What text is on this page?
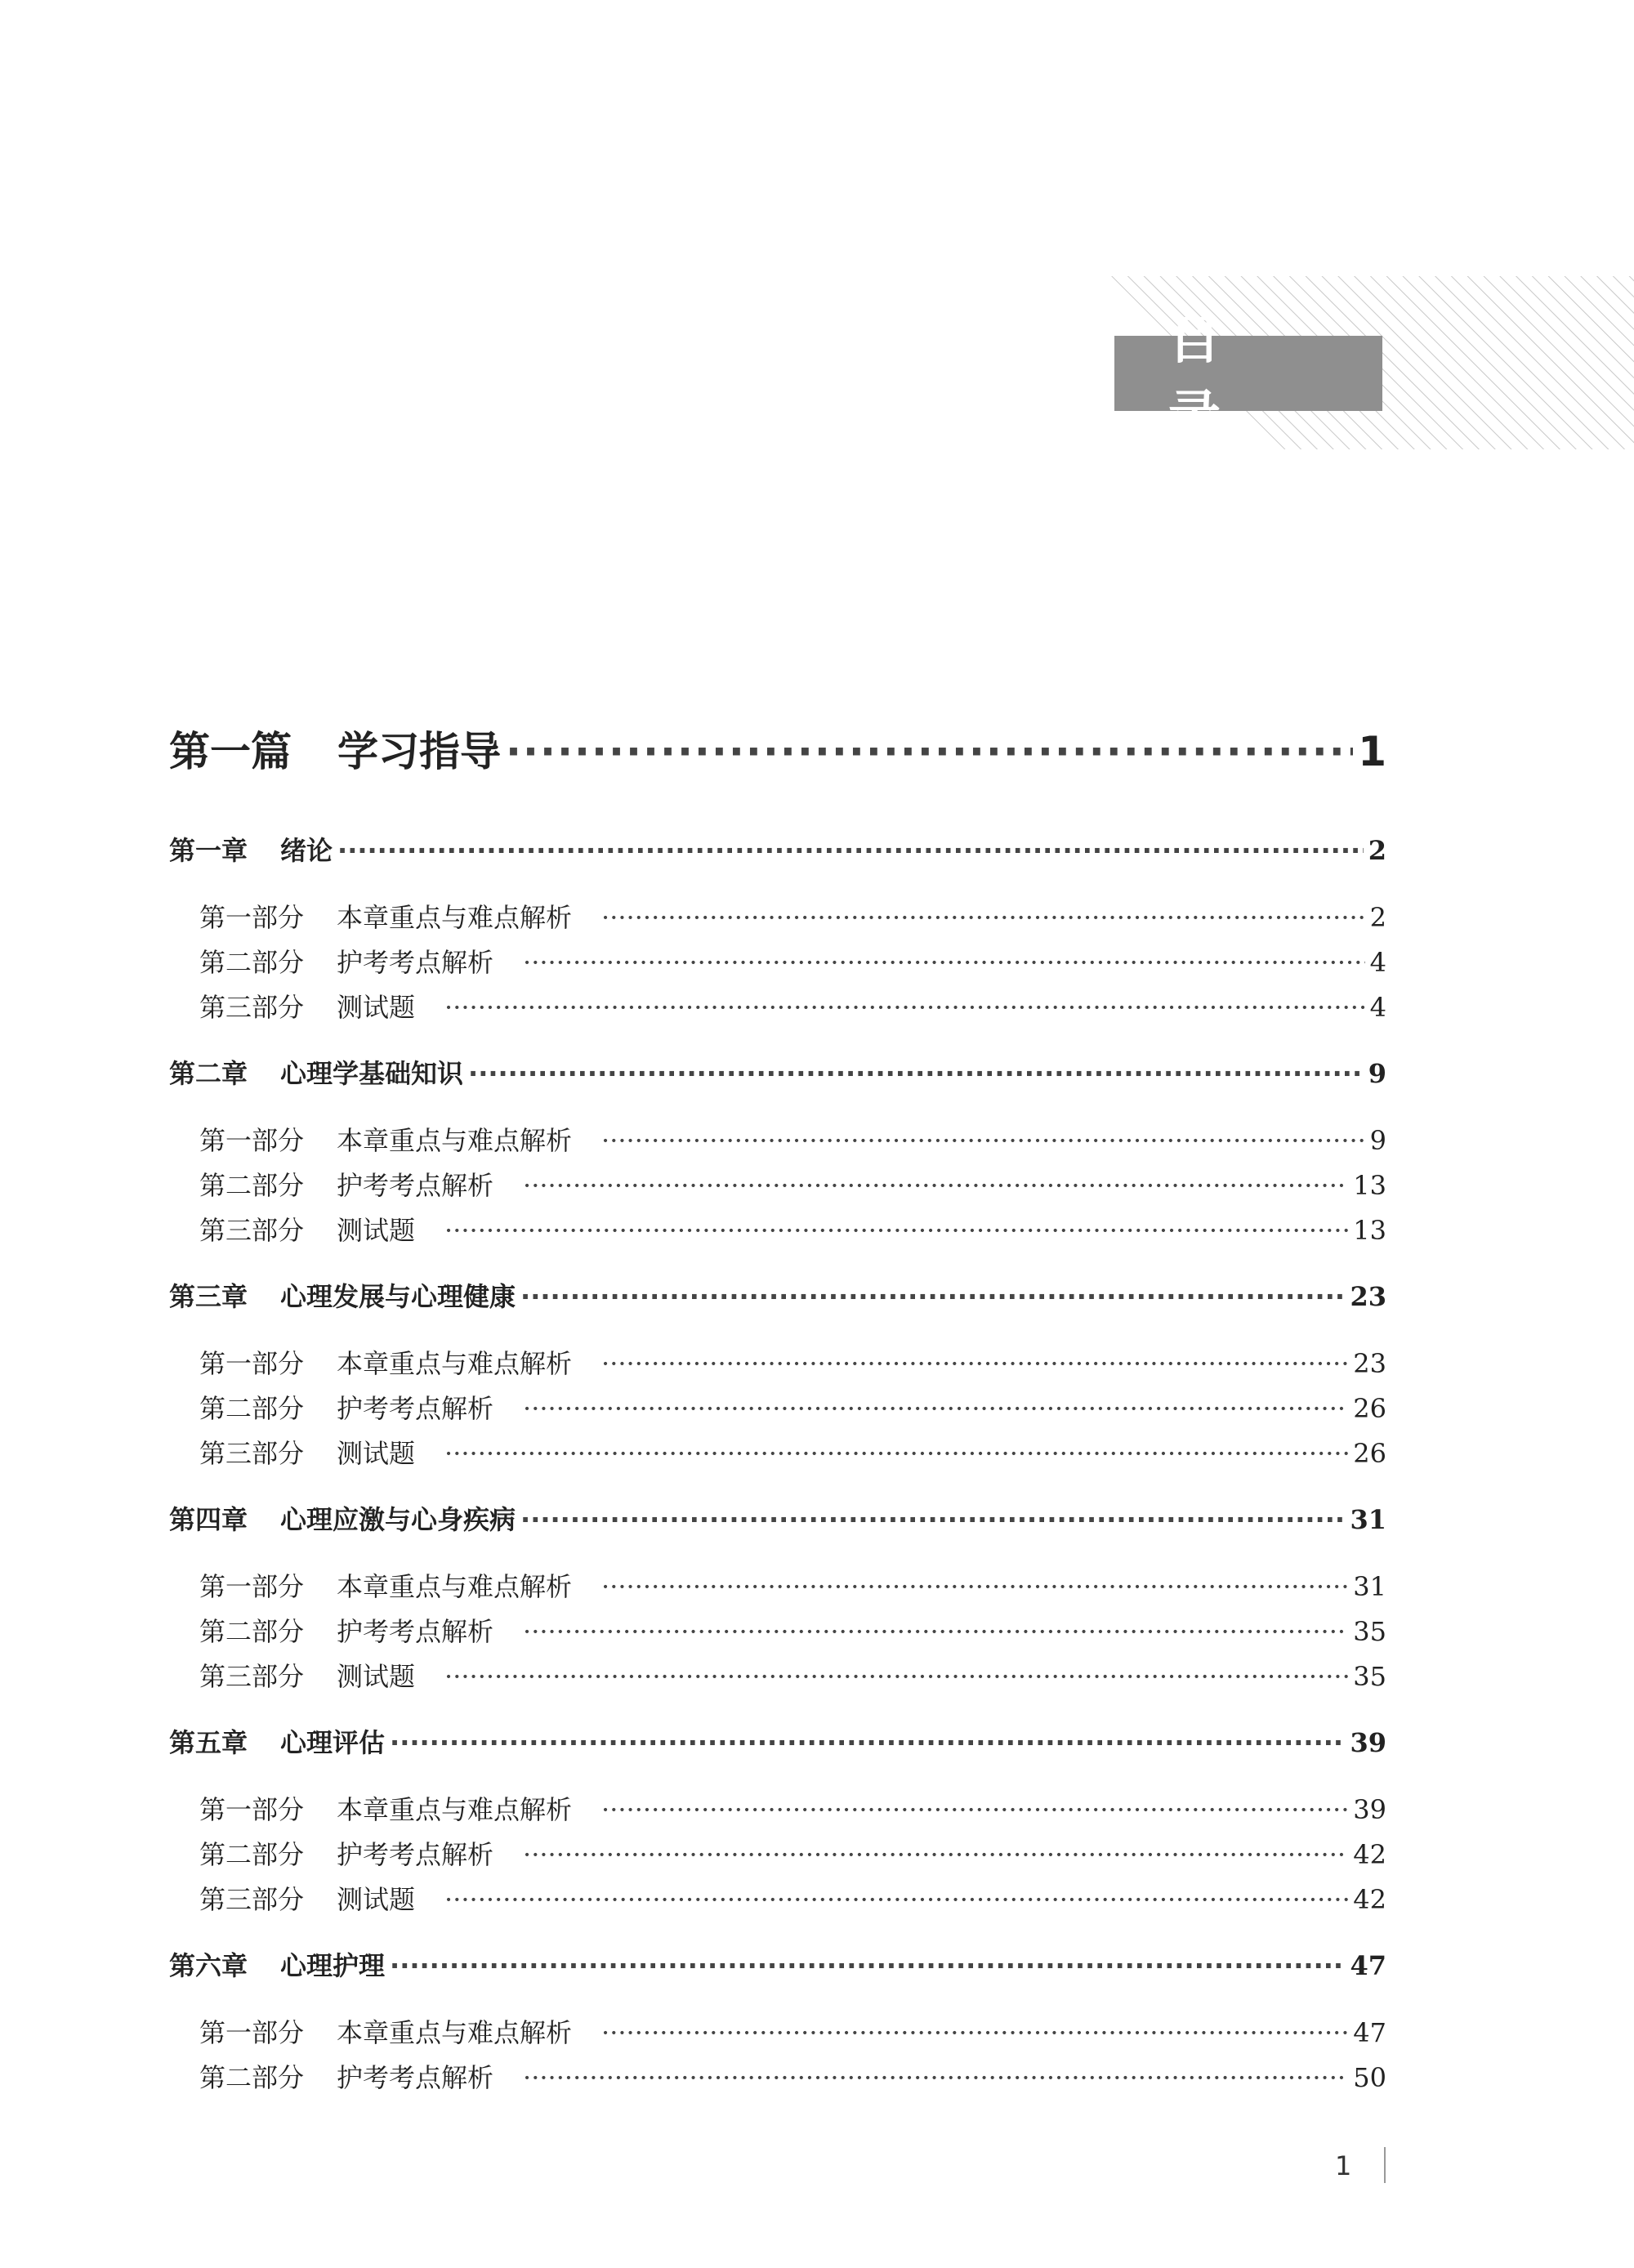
目　录
第一篇 学习指导 ·····	1
第一章 绪论 ·····	2
第一部分 本章重点与难点解析 ·····	2
第二部分 护考考点解析 ·····	4
第三部分 测试题 ·····	4
第二章 心理学基础知识 ·····	9
第一部分 本章重点与难点解析 ·····	9
第二部分 护考考点解析 ·····	13
第三部分 测试题 ·····	13
第三章 心理发展与心理健康 ·····	23
第一部分 本章重点与难点解析 ·····	23
第二部分 护考考点解析 ·····	26
第三部分 测试题 ·····	26
第四章 心理应激与心身疾病 ·····	31
第一部分 本章重点与难点解析 ·····	31
第二部分 护考考点解析 ·····	35
第三部分 测试题 ·····	35
第五章 心理评估 ·····	39
第一部分 本章重点与难点解析 ·····	39
第二部分 护考考点解析 ·····	42
第三部分 测试题 ·····	42
第六章 心理护理 ·····	47
第一部分 本章重点与难点解析 ·····	47
第二部分 护考考点解析 ·····	50
1
